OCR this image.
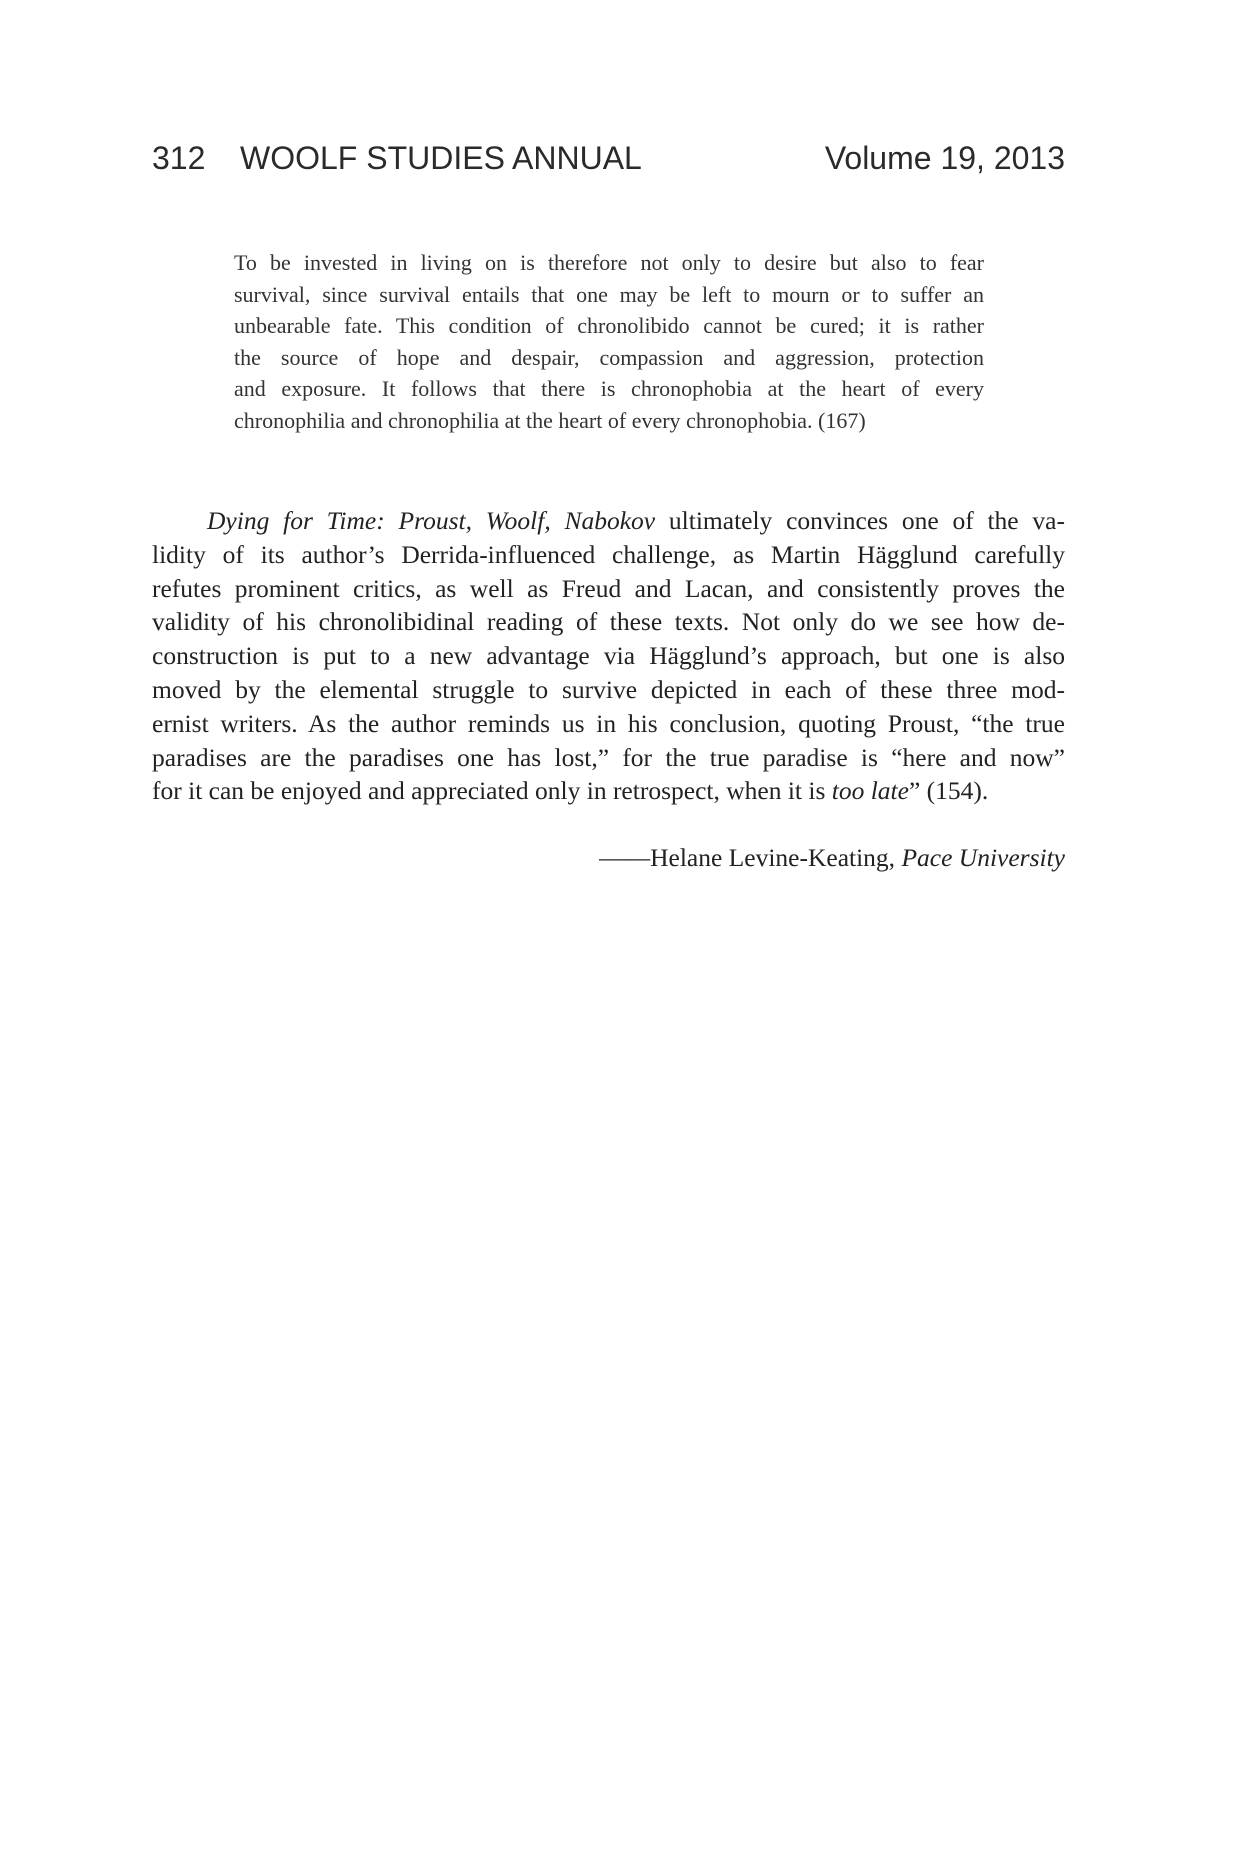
312 WOOLF STUDIES ANNUAL	Volume 19, 2013
To be invested in living on is therefore not only to desire but also to fear
survival, since survival entails that one may be left to mourn or to suffer an
unbearable fate. This condition of chronolibido cannot be cured; it is rather
the source of hope and despair, compassion and aggression, protection
and exposure. It follows that there is chronophobia at the heart of every
chronophilia and chronophilia at the heart of every chronophobia. (167)
Dying for Time: Proust, Woolf, Nabokov ultimately convinces one of the va-
lidity of its author’s Derrida-influenced challenge, as Martin Hägglund carefully
refutes prominent critics, as well as Freud and Lacan, and consistently proves the
validity of his chronolibidinal reading of these texts. Not only do we see how de-
construction is put to a new advantage via Hägglund’s approach, but one is also
moved by the elemental struggle to survive depicted in each of these three mod-
ernist writers. As the author reminds us in his conclusion, quoting Proust, “the true
paradises are the paradises one has lost,” for the true paradise is “here and now”
for it can be enjoyed and appreciated only in retrospect, when it is too late” (154).
——Helane Levine-Keating, Pace University
